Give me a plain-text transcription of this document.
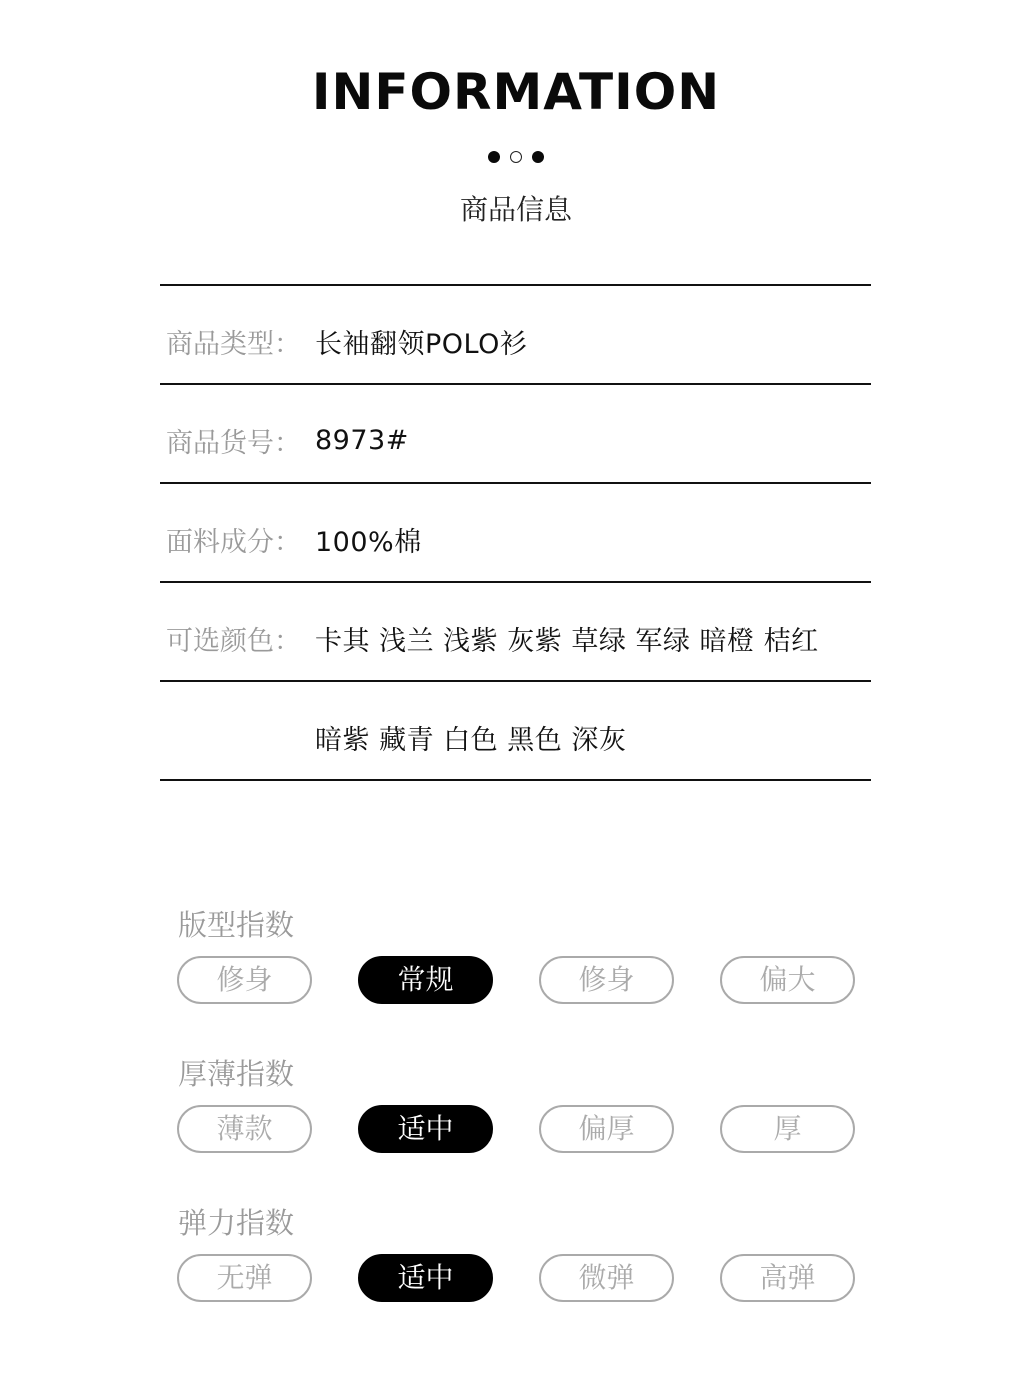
INFORMATION
商品信息
商品类型： 长袖翻领POLO衫
商品货号： 8973#
面料成分： 100%棉
可选颜色： 卡其 浅兰 浅紫 灰紫 草绿 军绿 暗橙 桔红
暗紫 藏青 白色 黑色 深灰
版型指数
修身	常规	修身	偏大
厚薄指数
薄款	适中	偏厚	厚
弹力指数
无弹	适中	微弹	高弹
